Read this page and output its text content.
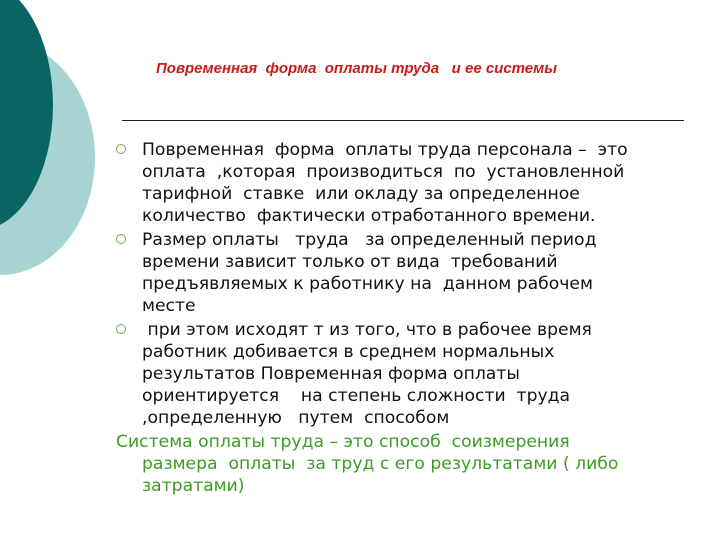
Повременная  форма  оплаты труда   и ее системы
Повременная  форма  оплаты труда персонала –  это
оплата  ,которая  производиться  по  установленной
тарифной  ставке  или окладу за определенное
количество  фактически отработанного времени.
Размер оплаты   труда   за определенный период
времени зависит только от вида  требований
предъявляемых к работнику на  данном рабочем
месте
при этом исходят т из того, что в рабочее время
работник добивается в среднем нормальных
результатов Повременная форма оплаты
ориентируется    на степень сложности  труда
,определенную   путем  способом
Система оплаты труда – это способ  соизмерения
размера  оплаты  за труд с его результатами ( либо
затратами)
